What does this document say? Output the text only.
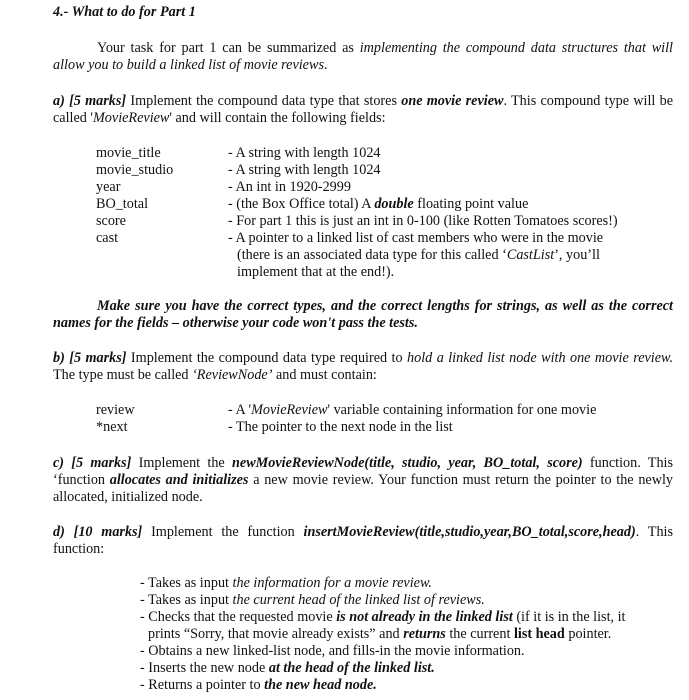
4.- What to do for Part 1

Your task for part 1 can be summarized as implementing the compound data structures that will allow you to build a linked list of movie reviews.

a) [5 marks] Implement the compound data type that stores one movie review. This compound type will be called 'MovieReview' and will contain the following fields:

movie_title	- A string with length 1024
movie_studio	- A string with length 1024
year	- An int in 1920-2999
BO_total	- (the Box Office total) A double floating point value
score	- For part 1 this is just an int in 0-100 (like Rotten Tomatoes scores!)
cast	- A pointer to a linked list of cast members who were in the movie
(there is an associated data type for this called ‘CastList’, you’ll
implement that at the end!).

Make sure you have the correct types, and the correct lengths for strings, as well as the correct names for the fields – otherwise your code won't pass the tests.

b) [5 marks] Implement the compound data type required to hold a linked list node with one movie review. The type must be called ‘ReviewNode’ and must contain:

review	- A 'MovieReview' variable containing information for one movie
*next	- The pointer to the next node in the list

c) [5 marks] Implement the newMovieReviewNode(title, studio, year, BO_total, score) function. This ‘function allocates and initializes a new movie review. Your function must return the pointer to the newly allocated, initialized node.

d) [10 marks] Implement the function insertMovieReview(title,studio,year,BO_total,score,head). This function:

- Takes as input the information for a movie review.
- Takes as input the current head of the linked list of reviews.
- Checks that the requested movie is not already in the linked list (if it is in the list, it
prints “Sorry, that movie already exists” and returns the current list head pointer.
- Obtains a new linked-list node, and fills-in the movie information.
- Inserts the new node at the head of the linked list.
- Returns a pointer to the new head node.
